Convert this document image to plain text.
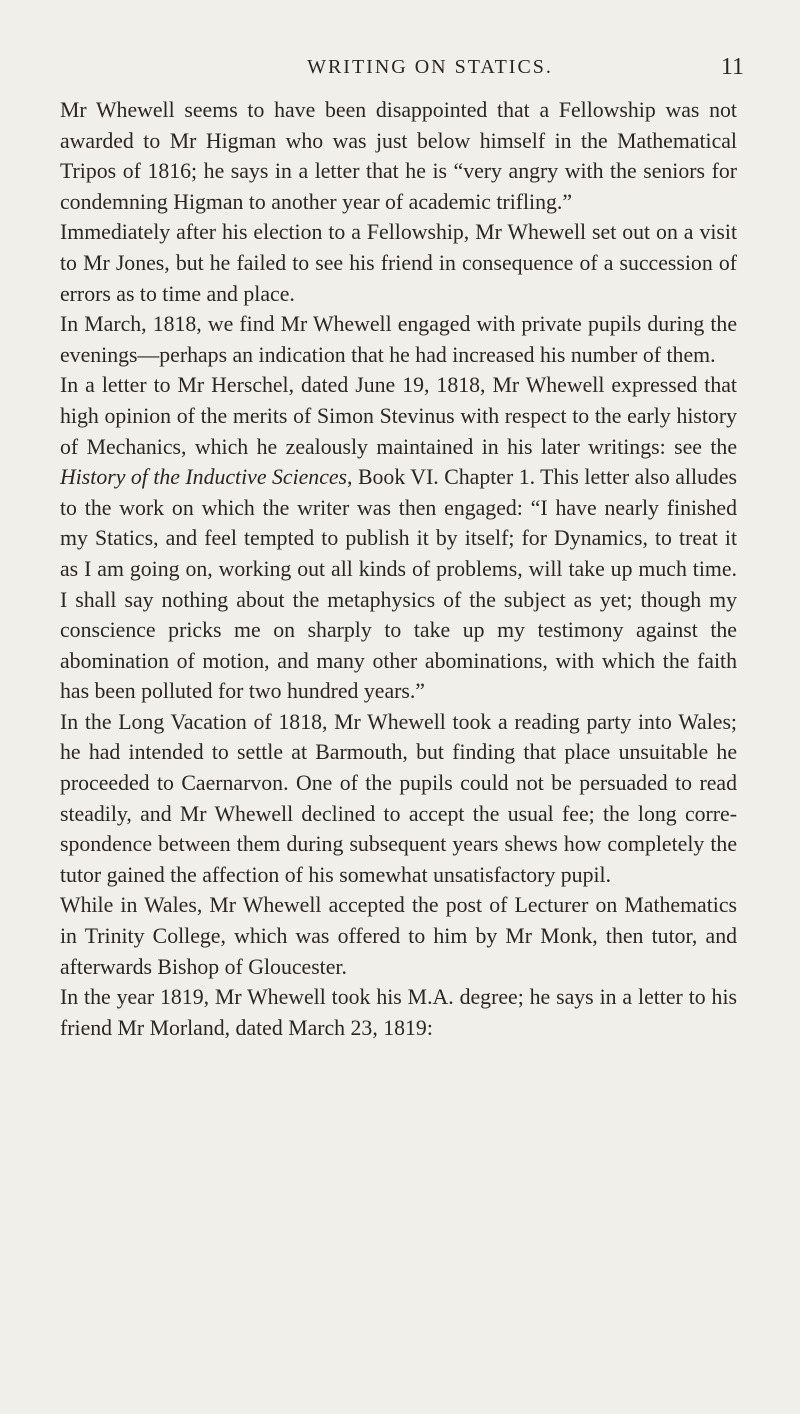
WRITING ON STATICS.	11

Mr Whewell seems to have been disappointed that a Fellowship was not awarded to Mr Higman who was just below himself in the Mathematical Tripos of 1816; he says in a letter that he is “very angry with the seniors for condemning Higman to another year of academic trifling.”

Immediately after his election to a Fellowship, Mr Whewell set out on a visit to Mr Jones, but he failed to see his friend in consequence of a succession of errors as to time and place.

In March, 1818, we find Mr Whewell engaged with private pupils during the evenings—perhaps an indication that he had increased his number of them.

In a letter to Mr Herschel, dated June 19, 1818, Mr Whewell expressed that high opinion of the merits of Simon Stevinus with respect to the early history of Mechanics, which he zealously maintained in his later writings: see the History of the Inductive Sciences, Book VI. Chapter 1. This letter also alludes to the work on which the writer was then engaged: “I have nearly finished my Statics, and feel tempted to publish it by itself; for Dynamics, to treat it as I am going on, working out all kinds of problems, will take up much time. I shall say nothing about the metaphysics of the subject as yet; though my conscience pricks me on sharply to take up my testimony against the abomination of motion, and many other abominations, with which the faith has been polluted for two hundred years.”

In the Long Vacation of 1818, Mr Whewell took a reading party into Wales; he had intended to settle at Barmouth, but finding that place unsuitable he proceeded to Caernarvon. One of the pupils could not be persuaded to read steadily, and Mr Whewell declined to accept the usual fee; the long correspondence between them during subsequent years shews how completely the tutor gained the affection of his somewhat unsatisfactory pupil.

While in Wales, Mr Whewell accepted the post of Lecturer on Mathematics in Trinity College, which was offered to him by Mr Monk, then tutor, and afterwards Bishop of Gloucester.

In the year 1819, Mr Whewell took his M.A. degree; he says in a letter to his friend Mr Morland, dated March 23, 1819:
